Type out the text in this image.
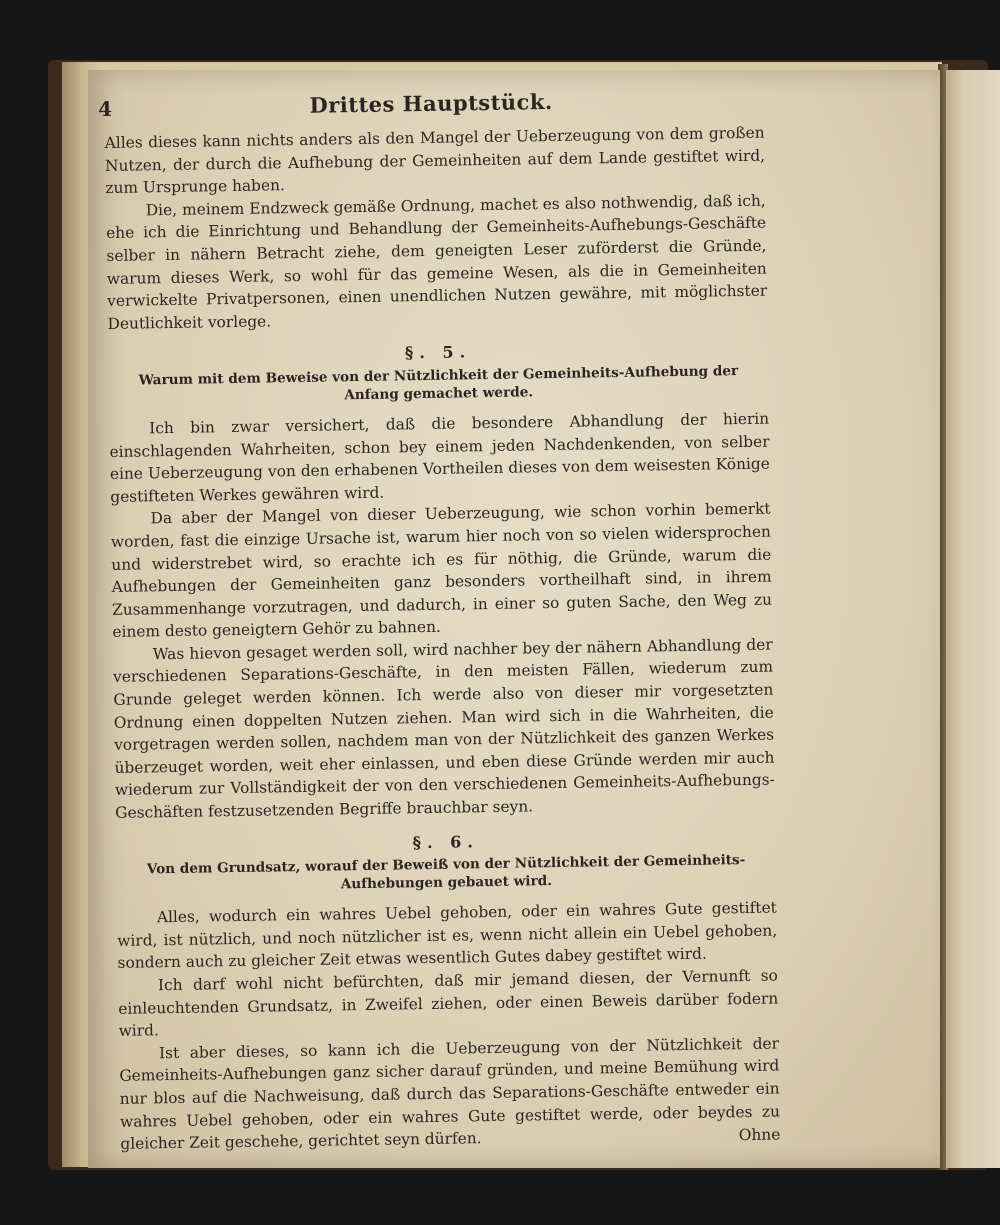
4	Drittes Hauptstück.

Alles dieses kann nichts anders als den Mangel der Ueberzeugung von dem großen Nutzen, der durch die Aufhebung der Gemeinheiten auf dem Lande gestiftet wird, zum Ursprunge haben.

Die, meinem Endzweck gemäße Ordnung, machet es also nothwendig, daß ich, ehe ich die Einrichtung und Behandlung der Gemeinheits-Aufhebungs-Geschäfte selber in nähern Betracht ziehe, dem geneigten Leser zuförderst die Gründe, warum dieses Werk, so wohl für das gemeine Wesen, als die in Gemeinheiten verwickelte Privatpersonen, einen unendlichen Nutzen gewähre, mit möglichster Deutlichkeit vorlege.

§. 5.
Warum mit dem Beweise von der Nützlichkeit der Gemeinheits-Aufhebung der Anfang gemachet werde.

Ich bin zwar versichert, daß die besondere Abhandlung der hierin einschlagenden Wahrheiten, schon bey einem jeden Nachdenkenden, von selber eine Ueberzeugung von den erhabenen Vortheilen dieses von dem weisesten Könige gestifteten Werkes gewähren wird.

Da aber der Mangel von dieser Ueberzeugung, wie schon vorhin bemerkt worden, fast die einzige Ursache ist, warum hier noch von so vielen widersprochen und widerstrebet wird, so erachte ich es für nöthig, die Gründe, warum die Aufhebungen der Gemeinheiten ganz besonders vortheilhaft sind, in ihrem Zusammenhange vorzutragen, und dadurch, in einer so guten Sache, den Weg zu einem desto geneigtern Gehör zu bahnen.

Was hievon gesaget werden soll, wird nachher bey der nähern Abhandlung der verschiedenen Separations-Geschäfte, in den meisten Fällen, wiederum zum Grunde geleget werden können. Ich werde also von dieser mir vorgesetzten Ordnung einen doppelten Nutzen ziehen. Man wird sich in die Wahrheiten, die vorgetragen werden sollen, nachdem man von der Nützlichkeit des ganzen Werkes überzeuget worden, weit eher einlassen, und eben diese Gründe werden mir auch wiederum zur Vollständigkeit der von den verschiedenen Gemeinheits-Aufhebungs-Geschäften festzusetzenden Begriffe brauchbar seyn.

§. 6.
Von dem Grundsatz, worauf der Beweiß von der Nützlichkeit der Gemeinheits-Aufhebungen gebauet wird.

Alles, wodurch ein wahres Uebel gehoben, oder ein wahres Gute gestiftet wird, ist nützlich, und noch nützlicher ist es, wenn nicht allein ein Uebel gehoben, sondern auch zu gleicher Zeit etwas wesentlich Gutes dabey gestiftet wird.

Ich darf wohl nicht befürchten, daß mir jemand diesen, der Vernunft so einleuchtenden Grundsatz, in Zweifel ziehen, oder einen Beweis darüber fodern wird.

Ist aber dieses, so kann ich die Ueberzeugung von der Nützlichkeit der Gemeinheits-Aufhebungen ganz sicher darauf gründen, und meine Bemühung wird nur blos auf die Nachweisung, daß durch das Separations-Geschäfte entweder ein wahres Uebel gehoben, oder ein wahres Gute gestiftet werde, oder beydes zu gleicher Zeit geschehe, gerichtet seyn dürfen.	Ohne
